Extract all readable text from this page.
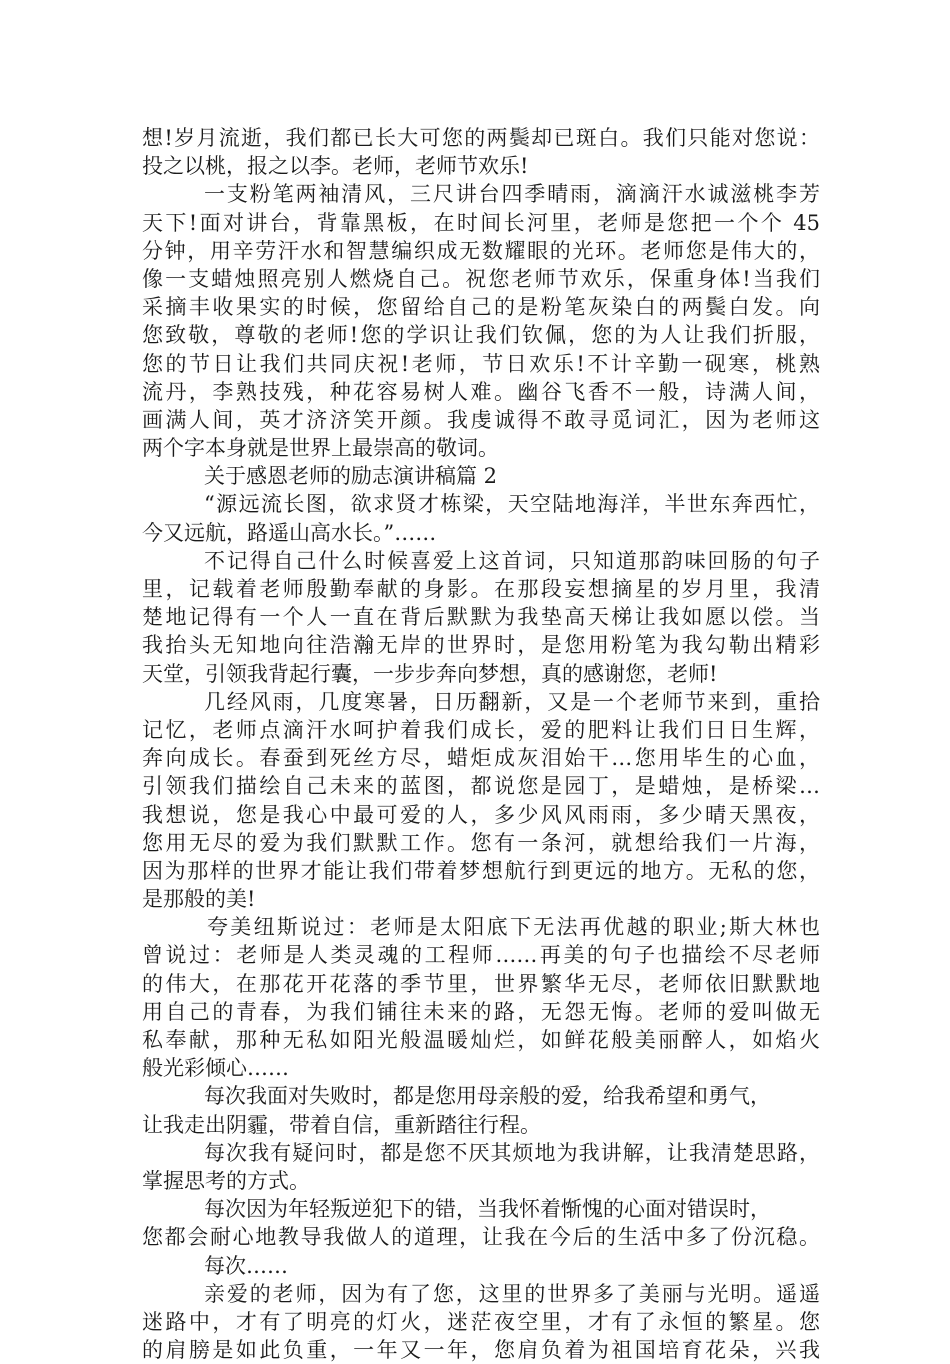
想!岁月流逝，我们都已长大可您的两鬓却已斑白。我们只能对您说：
投之以桃，报之以李。老师，老师节欢乐!
一支粉笔两袖清风，三尺讲台四季晴雨，滴滴汗水诚滋桃李芳
天下!面对讲台，背靠黑板，在时间长河里，老师是您把一个个 45
分钟，用辛劳汗水和智慧编织成无数耀眼的光环。老师您是伟大的，
像一支蜡烛照亮别人燃烧自己。祝您老师节欢乐，保重身体!当我们
采摘丰收果实的时候，您留给自己的是粉笔灰染白的两鬓白发。向
您致敬，尊敬的老师!您的学识让我们钦佩，您的为人让我们折服，
您的节日让我们共同庆祝!老师，节日欢乐!不计辛勤一砚寒，桃熟
流丹，李熟技残，种花容易树人难。幽谷飞香不一般，诗满人间，
画满人间，英才济济笑开颜。我虔诚得不敢寻觅词汇，因为老师这
两个字本身就是世界上最崇高的敬词。
关于感恩老师的励志演讲稿篇 2
“源远流长图，欲求贤才栋梁，天空陆地海洋，半世东奔西忙，
今又远航，路遥山高水长。”……
不记得自己什么时候喜爱上这首词，只知道那韵味回肠的句子
里，记载着老师殷勤奉献的身影。在那段妄想摘星的岁月里，我清
楚地记得有一个人一直在背后默默为我垫高天梯让我如愿以偿。当
我抬头无知地向往浩瀚无岸的世界时，是您用粉笔为我勾勒出精彩
天堂，引领我背起行囊，一步步奔向梦想，真的感谢您，老师!
几经风雨，几度寒暑，日历翻新，又是一个老师节来到，重拾
记忆，老师点滴汗水呵护着我们成长，爱的肥料让我们日日生辉，
奔向成长。春蚕到死丝方尽，蜡炬成灰泪始干…您用毕生的心血，
引领我们描绘自己未来的蓝图，都说您是园丁，是蜡烛，是桥梁…
我想说，您是我心中最可爱的人，多少风风雨雨，多少晴天黑夜，
您用无尽的爱为我们默默工作。您有一条河，就想给我们一片海，
因为那样的世界才能让我们带着梦想航行到更远的地方。无私的您，
是那般的美!
夸美纽斯说过：老师是太阳底下无法再优越的职业;斯大林也
曾说过：老师是人类灵魂的工程师……再美的句子也描绘不尽老师
的伟大，在那花开花落的季节里，世界繁华无尽，老师依旧默默地
用自己的青春，为我们铺往未来的路，无怨无悔。老师的爱叫做无
私奉献，那种无私如阳光般温暖灿烂，如鲜花般美丽醉人，如焰火
般光彩倾心……
每次我面对失败时，都是您用母亲般的爱，给我希望和勇气，
让我走出阴霾，带着自信，重新踏往行程。
每次我有疑问时，都是您不厌其烦地为我讲解，让我清楚思路，
掌握思考的方式。
每次因为年轻叛逆犯下的错，当我怀着惭愧的心面对错误时，
您都会耐心地教导我做人的道理，让我在今后的生活中多了份沉稳。
每次……
亲爱的老师，因为有了您，这里的世界多了美丽与光明。遥遥
迷路中，才有了明亮的灯火，迷茫夜空里，才有了永恒的繁星。您
的肩膀是如此负重，一年又一年，您肩负着为祖国培育花朵，兴我
